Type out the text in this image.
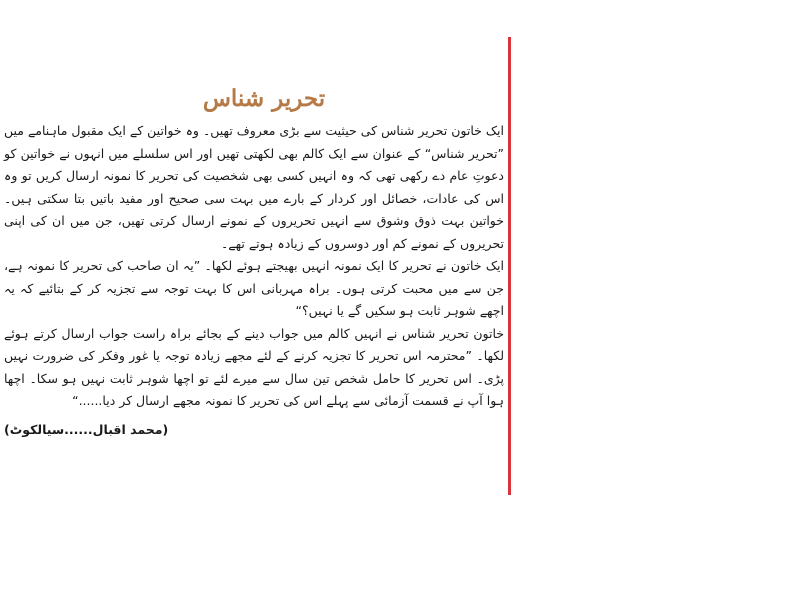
تحریر شناس

ایک خاتون تحریر شناس کی حیثیت سے بڑی معروف تھیں۔ وہ خواتین کے ایک مقبول ماہنامے میں ”تحریر شناس“ کے عنوان سے ایک کالم بھی لکھتی تھیں اور اس سلسلے میں انہوں نے خواتین کو دعوتِ عام دے رکھی تھی کہ وہ انہیں کسی بھی شخصیت کی تحریر کا نمونہ ارسال کریں تو وہ اس کی عادات، خصائل اور کردار کے بارے میں بہت سی صحیح اور مفید باتیں بتا سکتی ہیں۔ خواتین بہت ذوق وشوق سے انہیں تحریروں کے نمونے ارسال کرتی تھیں، جن میں ان کی اپنی تحریروں کے نمونے کم اور دوسروں کے زیادہ ہوتے تھے۔

ایک خاتون نے تحریر کا ایک نمونہ انہیں بھیجتے ہوئے لکھا۔ ”یہ ان صاحب کی تحریر کا نمونہ ہے، جن سے میں محبت کرتی ہوں۔ براہ مہربانی اس کا بہت توجہ سے تجزیہ کر کے بتائیے کہ یہ اچھے شوہر ثابت ہو سکیں گے یا نہیں؟“

خاتون تحریر شناس نے انہیں کالم میں جواب دینے کے بجائے براہ راست جواب ارسال کرتے ہوئے لکھا۔ ”محترمہ اس تحریر کا تجزیہ کرنے کے لئے مجھے زیادہ توجہ یا غور وفکر کی ضرورت نہیں پڑی۔ اس تحریر کا حامل شخص تین سال سے میرے لئے تو اچھا شوہر ثابت نہیں ہو سکا۔ اچھا ہوا آپ نے قسمت آزمائی سے پہلے اس کی تحریر کا نمونہ مجھے ارسال کر دیا......“

(محمد اقبال......سیالکوٹ)
